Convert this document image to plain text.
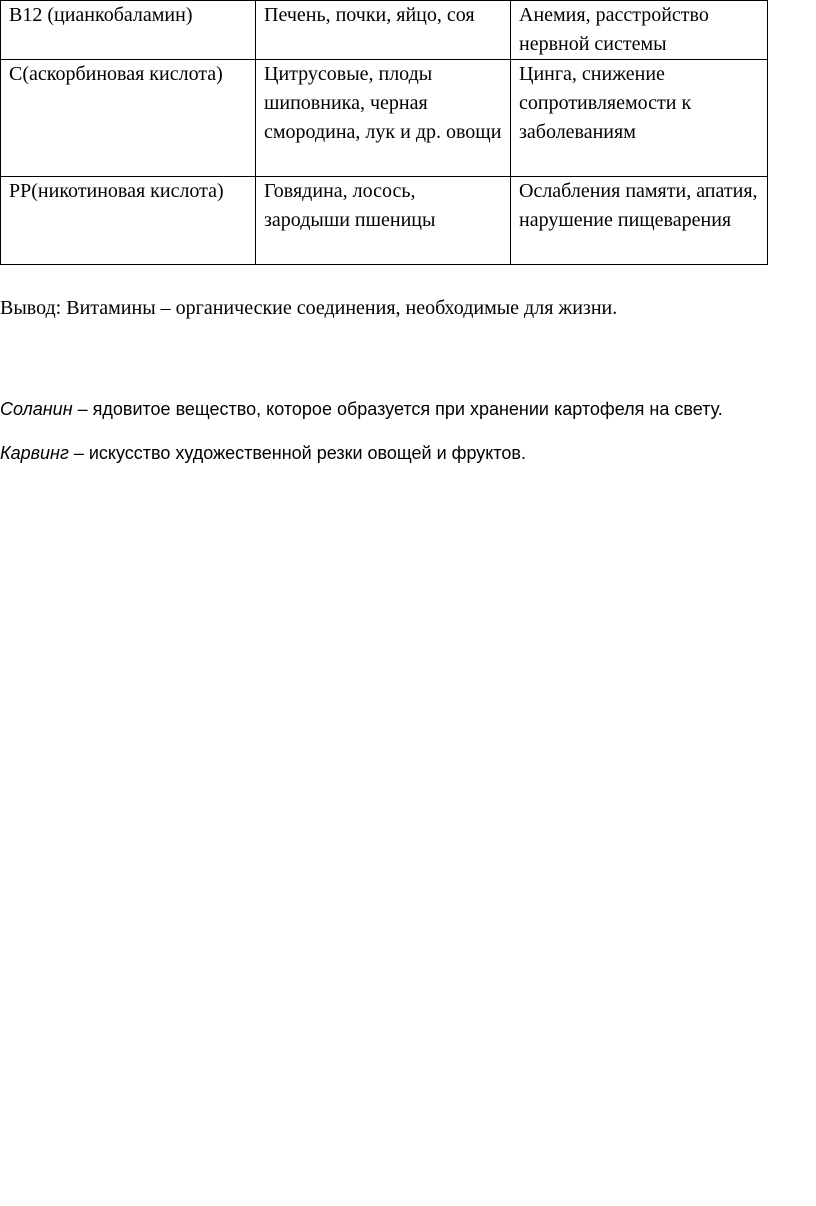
B12 (цианкобаламин)	Печень, почки, яйцо, соя	Анемия, расстройство нервной системы
C(аскорбиновая кислота)	Цитрусовые, плоды шиповника, черная смородина, лук и др. овощи	Цинга, снижение сопротивляемости к заболеваниям
PP(никотиновая кислота)	Говядина, лосось, зародыши пшеницы	Ослабления памяти, апатия, нарушение пищеварения

Вывод: Витамины – органические соединения, необходимые для жизни.

Соланин – ядовитое вещество, которое образуется при хранении картофеля на свету.

Карвинг – искусство художественной резки овощей и фруктов.
